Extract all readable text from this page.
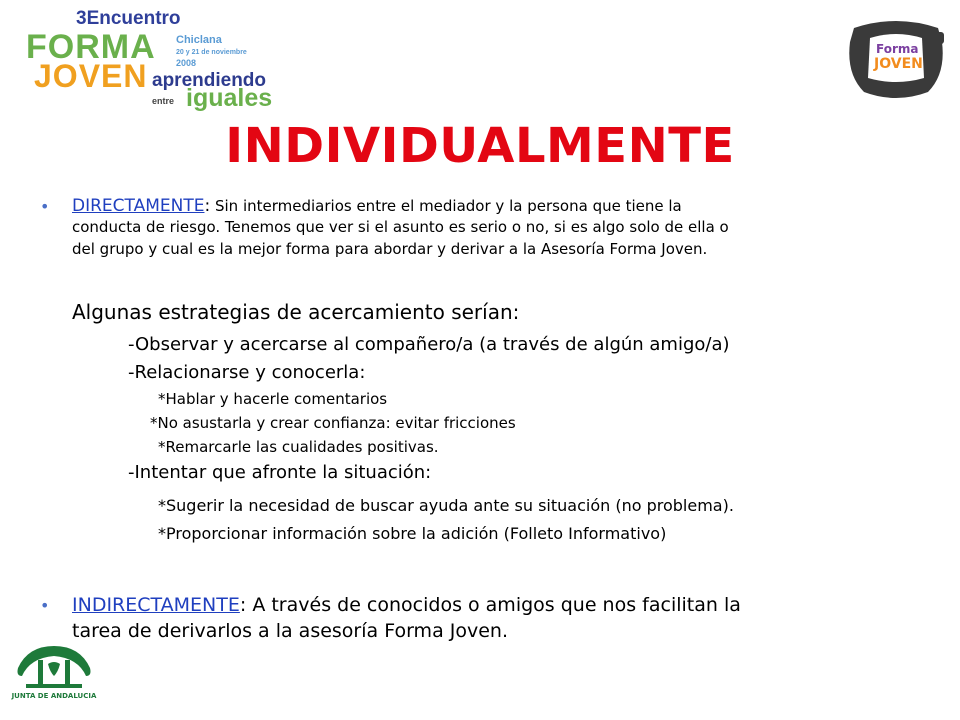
3Encuentro
FORMA
JOVEN
Chiclana
20 y 21 de noviembre
2008
aprendiendo
entre iguales
Forma
JOVEN
INDIVIDUALMENTE
• DIRECTAMENTE: Sin intermediarios entre el mediador y la persona que tiene la
conducta de riesgo. Tenemos que ver si el asunto es serio o no, si es algo solo de ella o
del grupo y cual es la mejor forma para abordar y derivar a la Asesoría Forma Joven.
Algunas estrategias de acercamiento serían:
-Observar y acercarse al compañero/a (a través de algún amigo/a)
-Relacionarse y conocerla:
*Hablar y hacerle comentarios
*No asustarla y crear confianza: evitar fricciones
*Remarcarle las cualidades positivas.
-Intentar que afronte la situación:
*Sugerir la necesidad de buscar ayuda ante su situación (no problema).
*Proporcionar información sobre la adición (Folleto Informativo)
• INDIRECTAMENTE: A través de conocidos o amigos que nos facilitan la
tarea de derivarlos a la asesoría Forma Joven.
JUNTA DE ANDALUCIA
